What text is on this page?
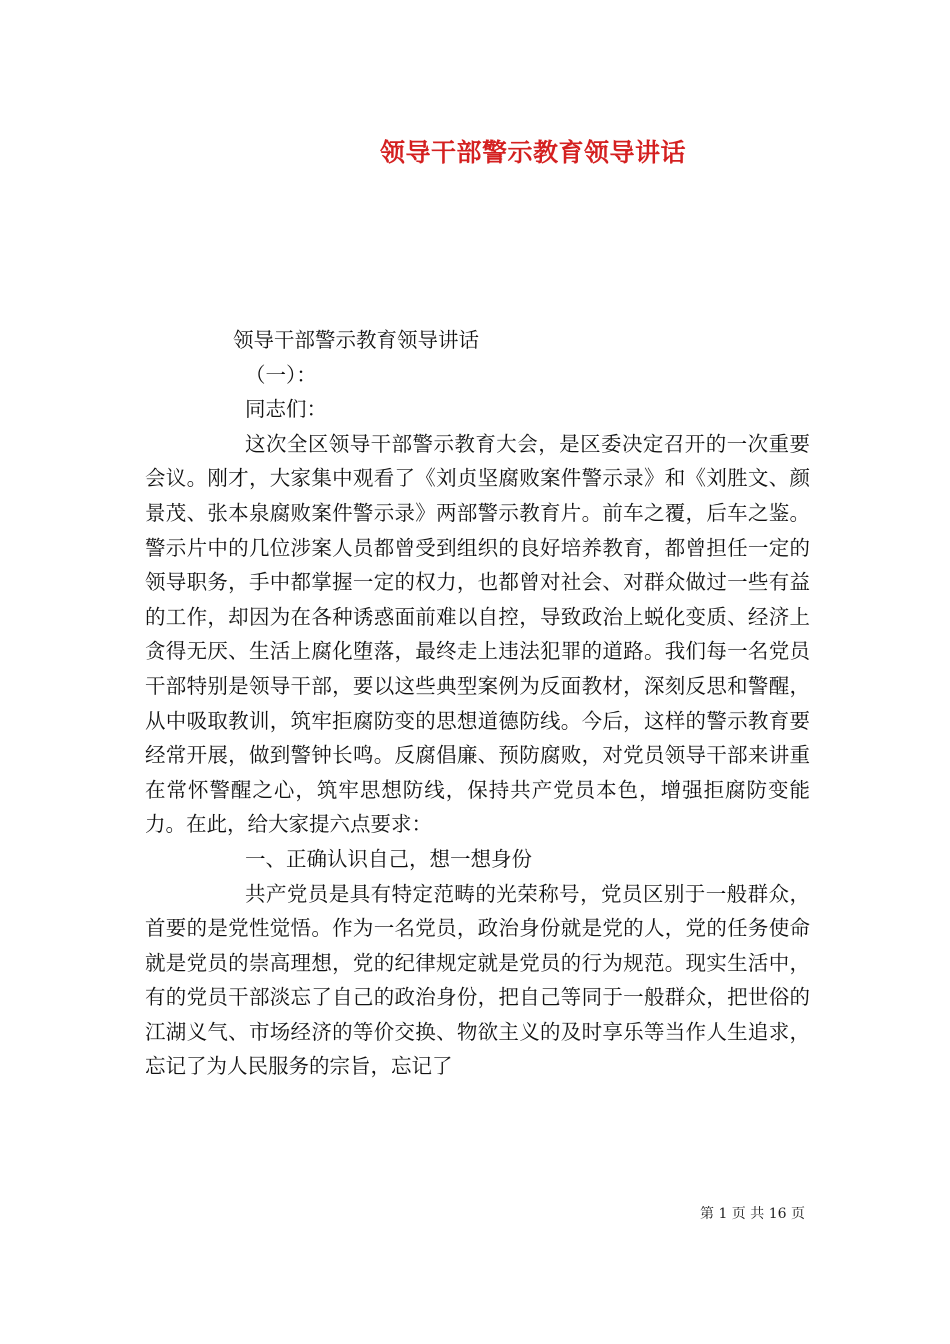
领导干部警示教育领导讲话

领导干部警示教育领导讲话

（一）：

同志们：

这次全区领导干部警示教育大会，是区委决定召开的一次重要会议。刚才，大家集中观看了《刘贞坚腐败案件警示录》和《刘胜文、颜景茂、张本泉腐败案件警示录》两部警示教育片。前车之覆，后车之鉴。警示片中的几位涉案人员都曾受到组织的良好培养教育，都曾担任一定的领导职务，手中都掌握一定的权力，也都曾对社会、对群众做过一些有益的工作，却因为在各种诱惑面前难以自控，导致政治上蜕化变质、经济上贪得无厌、生活上腐化堕落，最终走上违法犯罪的道路。我们每一名党员干部特别是领导干部，要以这些典型案例为反面教材，深刻反思和警醒，从中吸取教训，筑牢拒腐防变的思想道德防线。今后，这样的警示教育要经常开展，做到警钟长鸣。反腐倡廉、预防腐败，对党员领导干部来讲重在常怀警醒之心，筑牢思想防线，保持共产党员本色，增强拒腐防变能力。在此，给大家提六点要求：

一、正确认识自己，想一想身份

共产党员是具有特定范畴的光荣称号，党员区别于一般群众，首要的是党性觉悟。作为一名党员，政治身份就是党的人，党的任务使命就是党员的崇高理想，党的纪律规定就是党员的行为规范。现实生活中，有的党员干部淡忘了自己的政治身份，把自己等同于一般群众，把世俗的江湖义气、市场经济的等价交换、物欲主义的及时享乐等当作人生追求，忘记了为人民服务的宗旨，忘记了

第 1 页 共 16 页
